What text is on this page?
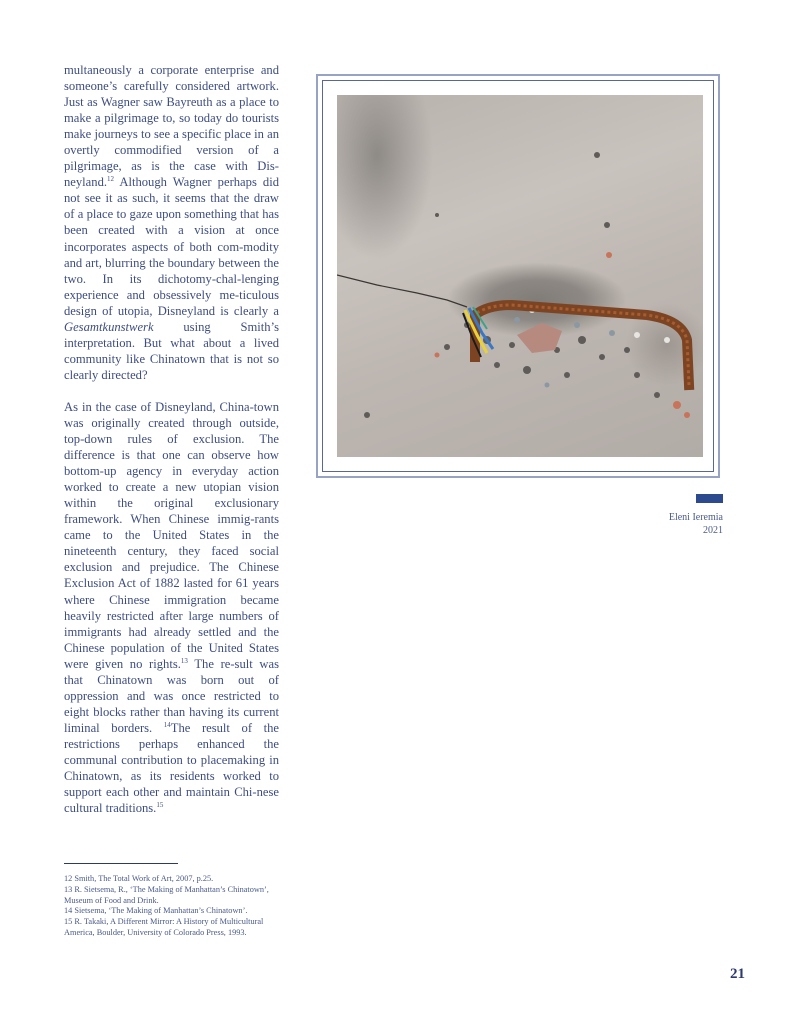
multaneously a corporate enterprise and someone’s carefully considered artwork. Just as Wagner saw Bayreuth as a place to make a pilgrimage to, so today do tourists make journeys to see a specific place in an overtly commodified version of a pilgrimage, as is the case with Dis-neyland.$^{12}$ Although Wagner perhaps did not see it as such, it seems that the draw of a place to gaze upon something that has been created with a vision at once incorporates aspects of both com-modity and art, blurring the boundary between the two. In its dichotomy-chal-lenging experience and obsessively me-ticulous design of utopia, Disneyland is clearly a Gesamtkunstwerk using Smith’s interpretation. But what about a lived community like Chinatown that is not so clearly directed?

As in the case of Disneyland, China-town was originally created through outside, top-down rules of exclusion. The difference is that one can observe how bottom-up agency in everyday action worked to create a new utopian vision within the original exclusionary framework. When Chinese immig-rants came to the United States in the nineteenth century, they faced social exclusion and prejudice. The Chinese Exclusion Act of 1882 lasted for 61 years where Chinese immigration became heavily restricted after large numbers of immigrants had already settled and the Chinese population of the United States were given no rights.$^{13}$ The re-sult was that Chinatown was born out of oppression and was once restricted to eight blocks rather than having its current liminal borders. $^{14}$The result of the restrictions perhaps enhanced the communal contribution to placemaking in Chinatown, as its residents worked to support each other and maintain Chi-nese cultural traditions.$^{15}$

Eleni Ieremia
2021
12 Smith, The Total Work of Art, 2007, p.25.
13 R. Sietsema, R., ‘The Making of Manhattan’s Chinatown’,
Museum of Food and Drink.
14 Sietsema, ‘The Making of Manhattan’s Chinatown’.
15 R. Takaki, A Different Mirror: A History of Multicultural
America, Boulder, University of Colorado Press, 1993.
21
